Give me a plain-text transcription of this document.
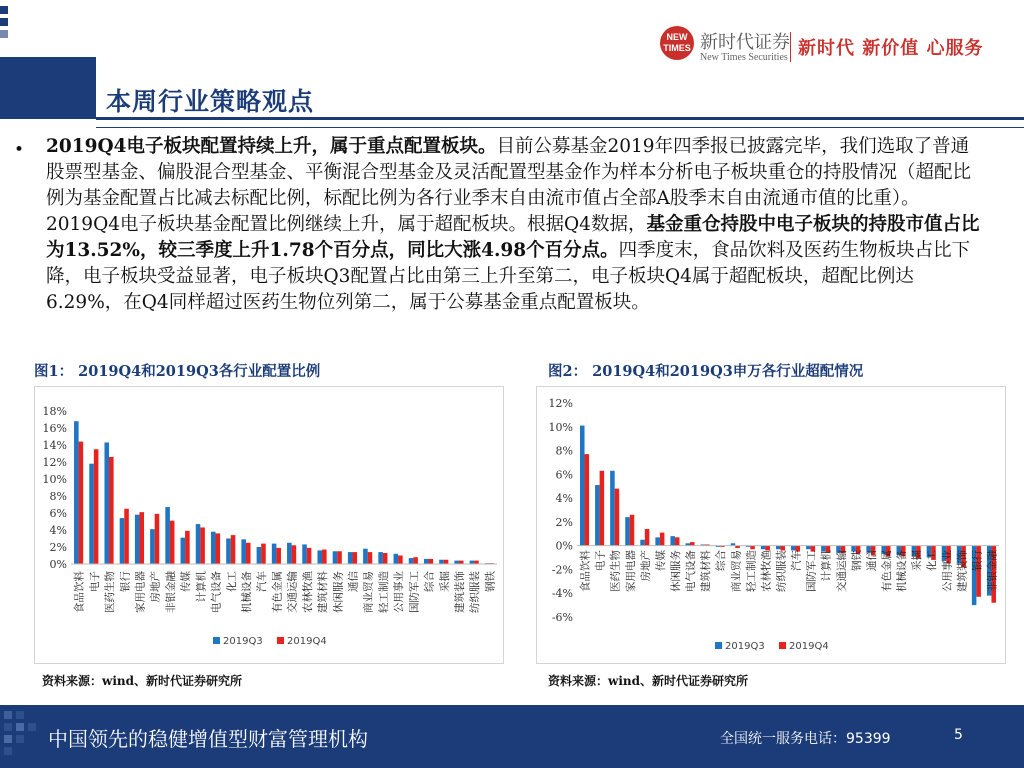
本周行业策略观点
NEW TIMES 新时代证券
New Times Securities 新时代 新价值 心服务
• 2019Q4电子板块配置持续上升，属于重点配置板块。目前公募基金2019年四季报已披露完毕，我们选取了普通股票型基金、偏股混合型基金、平衡混合型基金及灵活配置型基金作为样本分析电子板块重仓的持股情况（超配比例为基金配置占比减去标配比例，标配比例为各行业季末自由流市值占全部A股季末自由流通市值的比重）。2019Q4电子板块基金配置比例继续上升，属于超配板块。根据Q4数据，基金重仓持股中电子板块的持股市值占比为13.52%，较三季度上升1.78个百分点，同比大涨4.98个百分点。四季度末，食品饮料及医药生物板块占比下降，电子板块受益显著，电子板块Q3配置占比由第三上升至第二，电子板块Q4属于超配板块，超配比例达6.29%，在Q4同样超过医药生物位列第二，属于公募基金重点配置板块。
图1： 2019Q4和2019Q3各行业配置比例
0%
2%
4%
6%
8%
10%
12%
14%
16%
18%
食品饮料 电子 医药生物 银行 家用电器 房地产 非银金融 传媒 计算机 电气设备 化工 机械设备 汽车 有色金属 交通运输 农林牧渔 建筑材料 休闲服务 通信 商业贸易 轻工制造 公用事业 国防军工 综合 采掘 建筑装饰 纺织服装 钢铁
2019Q3 2019Q4
资料来源：wind、新时代证券研究所
图2： 2019Q4和2019Q3申万各行业超配情况
-6%
-4%
-2%
0%
2%
4%
6%
8%
10%
12%
食品饮料 电子 医药生物 家用电器 房地产 传媒 休闲服务 电气设备 建筑材料 综合 商业贸易 轻工制造 农林牧渔 纺织服装 汽车 国防军工 计算机 交通运输 钢铁 通信 有色金属 机械设备 采掘 化工 公用事业 建筑装饰 银行 非银金融
2019Q3 2019Q4
资料来源：wind、新时代证券研究所
中国领先的稳健增值型财富管理机构	全国统一服务电话：95399	5
